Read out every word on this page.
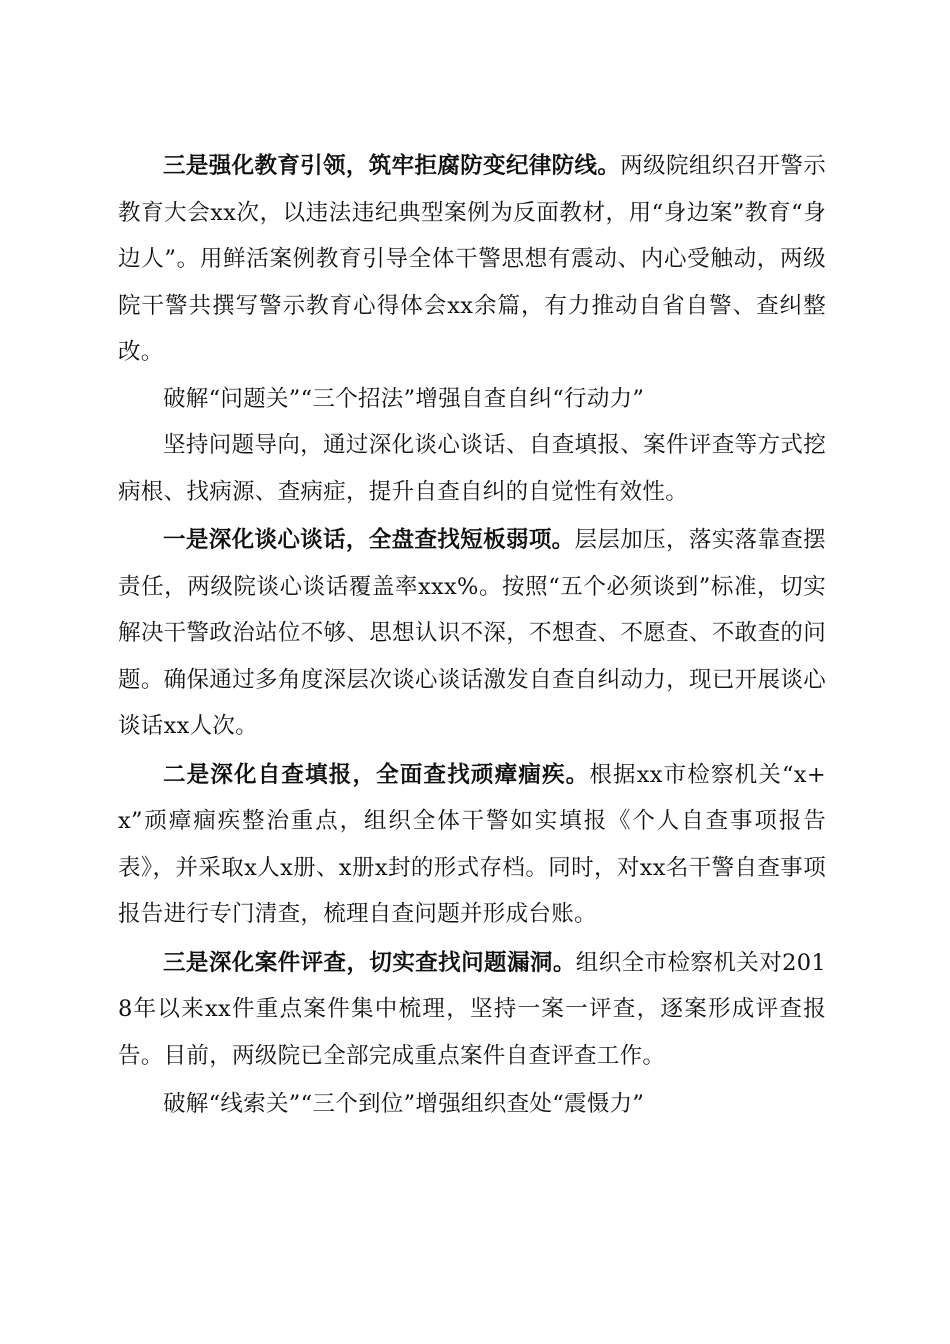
三是强化教育引领，筑牢拒腐防变纪律防线。两级院组织召开警示教育大会xx次，以违法违纪典型案例为反面教材，用“身边案”教育“身边人”。用鲜活案例教育引导全体干警思想有震动、内心受触动，两级院干警共撰写警示教育心得体会xx余篇，有力推动自省自警、查纠整改。

破解“问题关”“三个招法”增强自查自纠“行动力”

坚持问题导向，通过深化谈心谈话、自查填报、案件评查等方式挖病根、找病源、查病症，提升自查自纠的自觉性有效性。

一是深化谈心谈话，全盘查找短板弱项。层层加压，落实落靠查摆责任，两级院谈心谈话覆盖率xxx%。按照“五个必须谈到”标准，切实解决干警政治站位不够、思想认识不深，不想查、不愿查、不敢查的问题。确保通过多角度深层次谈心谈话激发自查自纠动力，现已开展谈心谈话xx人次。

二是深化自查填报，全面查找顽瘴痼疾。根据xx市检察机关“x+x”顽瘴痼疾整治重点，组织全体干警如实填报《个人自查事项报告表》，并采取x人x册、x册x封的形式存档。同时，对xx名干警自查事项报告进行专门清查，梳理自查问题并形成台账。

三是深化案件评查，切实查找问题漏洞。组织全市检察机关对2018年以来xx件重点案件集中梳理，坚持一案一评查，逐案形成评查报告。目前，两级院已全部完成重点案件自查评查工作。

破解“线索关”“三个到位”增强组织查处“震慑力”
